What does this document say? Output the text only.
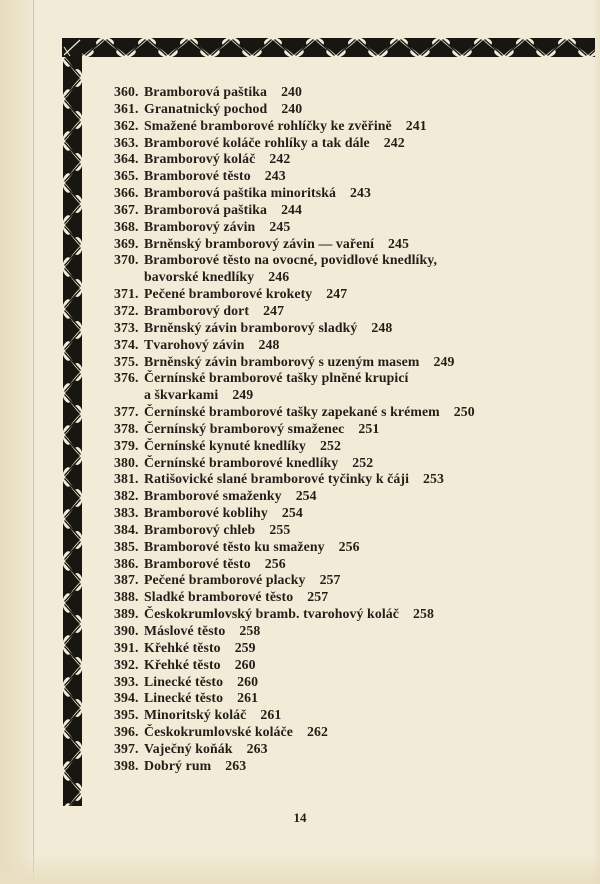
360. Bramborová paštika 240
361. Granatnický pochod 240
362. Smažené bramborové rohlíčky ke zvěřině 241
363. Bramborové koláče rohlíky a tak dále 242
364. Bramborový koláč 242
365. Bramborové těsto 243
366. Bramborová paštika minoritská 243
367. Bramborová paštika 244
368. Bramborový závin 245
369. Brněnský bramborový závin — vaření 245
370. Bramborové těsto na ovocné, povidlové knedlíky,
bavorské knedlíky 246
371. Pečené bramborové krokety 247
372. Bramborový dort 247
373. Brněnský závin bramborový sladký 248
374. Tvarohový závin 248
375. Brněnský závin bramborový s uzeným masem 249
376. Černínské bramborové tašky plněné krupicí
a škvarkami 249
377. Černínské bramborové tašky zapekané s krémem 250
378. Černínský bramborový smaženec 251
379. Černínské kynuté knedlíky 252
380. Černínské bramborové knedlíky 252
381. Ratišovické slané bramborové tyčinky k čáji 253
382. Bramborové smaženky 254
383. Bramborové koblihy 254
384. Bramborový chleb 255
385. Bramborové těsto ku smaženy 256
386. Bramborové těsto 256
387. Pečené bramborové placky 257
388. Sladké bramborové těsto 257
389. Českokrumlovský bramb. tvarohový koláč 258
390. Máslové těsto 258
391. Křehké těsto 259
392. Křehké těsto 260
393. Linecké těsto 260
394. Linecké těsto 261
395. Minoritský koláč 261
396. Českokrumlovské koláče 262
397. Vaječný koňák 263
398. Dobrý rum 263
14
